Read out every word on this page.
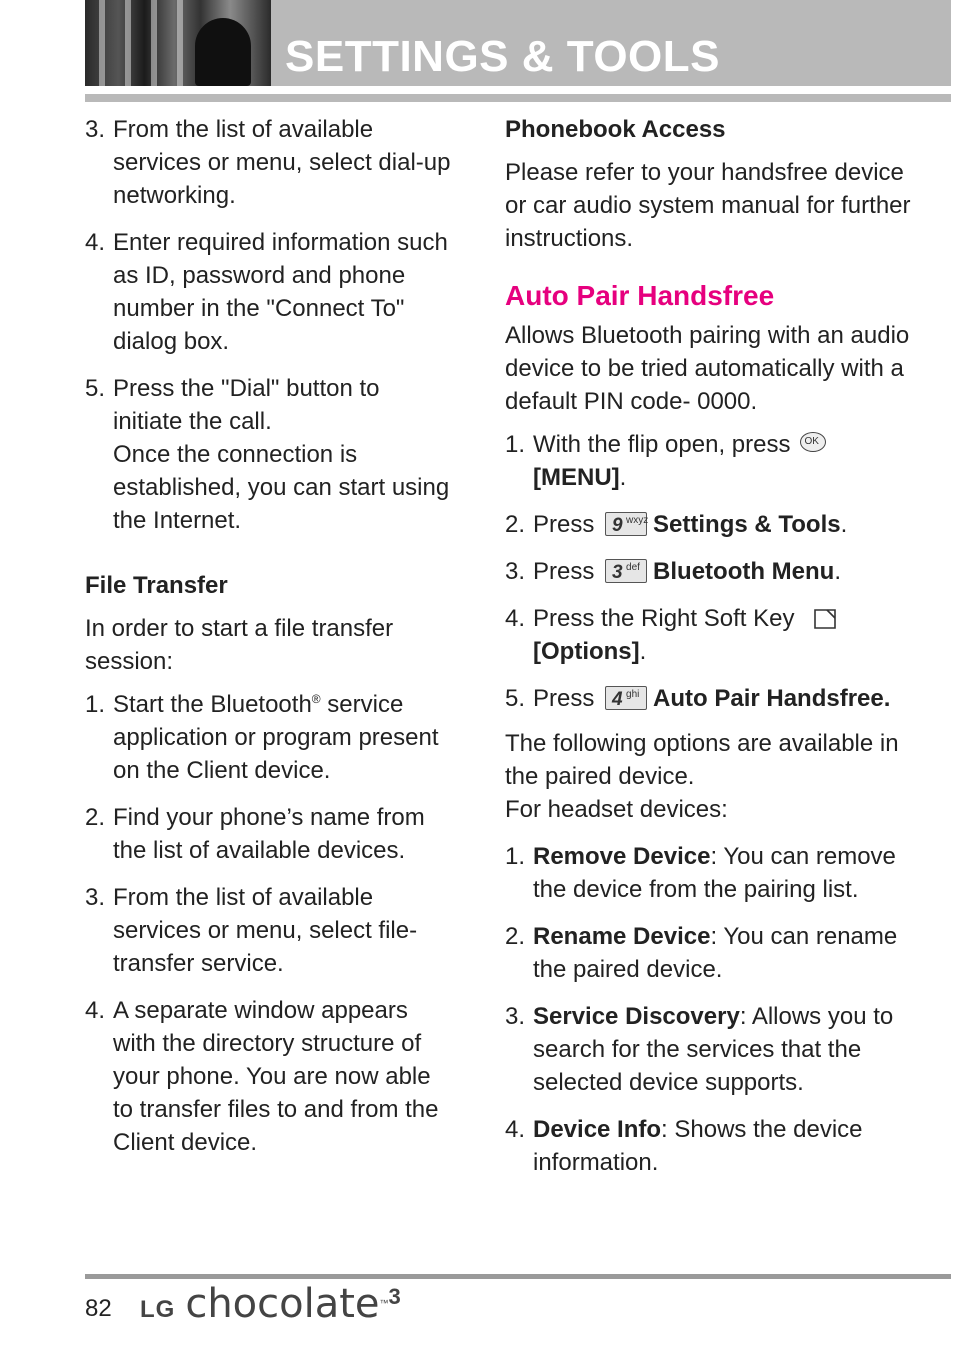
SETTINGS & TOOLS
3. From the list of available services or menu, select dial-up networking.
4. Enter required information such as ID, password and phone number in the "Connect To" dialog box.
5. Press the "Dial" button to initiate the call.
Once the connection is established, you can start using the Internet.
File Transfer

In order to start a file transfer session:

1. Start the Bluetooth® service application or program present on the Client device.
2. Find your phone’s name from the list of available devices.
3. From the list of available services or menu, select file-transfer service.
4. A separate window appears with the directory structure of your phone. You are now able to transfer files to and from the Client device.
Phonebook Access

Please refer to your handsfree device or car audio system manual for further instructions.

Auto Pair Handsfree

Allows Bluetooth pairing with an audio device to be tried automatically with a default PIN code- 0000.

1. With the flip open, press OK

[MENU].
2. Press 9 wxyz Settings & Tools.
3. Press 3 def Bluetooth Menu.
4. Press the Right Soft Key
[Options].
5. Press 4 ghi Auto Pair Handsfree.

The following options are available in the paired device.

For headset devices:

1. Remove Device: You can remove the device from the pairing list.
2. Rename Device: You can rename the paired device.
3. Service Discovery: Allows you to search for the services that the selected device supports.
4. Device Info: Shows the device information.
82 LG chocolate ™ 3
